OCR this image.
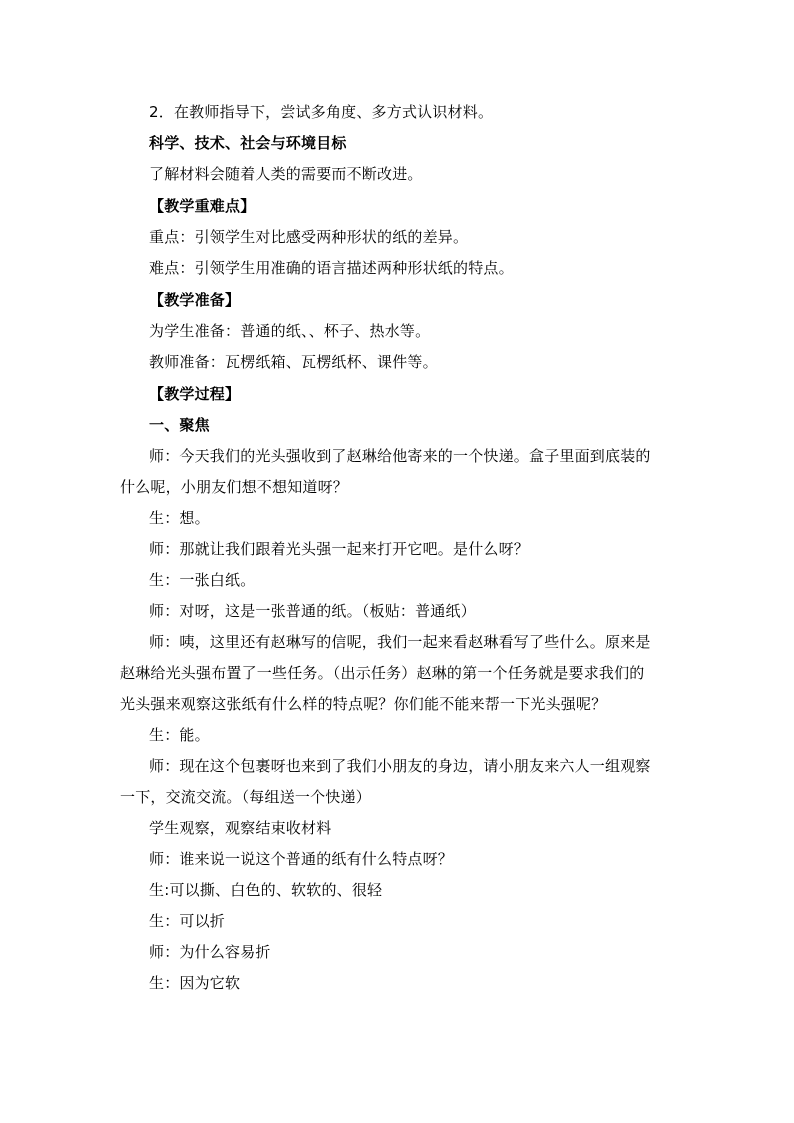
2．在教师指导下，尝试多角度、多方式认识材料。
科学、技术、社会与环境目标
了解材料会随着人类的需要而不断改进。
【教学重难点】
重点：引领学生对比感受两种形状的纸的差异。
难点：引领学生用准确的语言描述两种形状纸的特点。
【教学准备】
为学生准备：普通的纸、、杯子、热水等。
教师准备：瓦楞纸箱、瓦楞纸杯、课件等。
【教学过程】
一、聚焦
师：今天我们的光头强收到了赵琳给他寄来的一个快递。盒子里面到底装的
什么呢，小朋友们想不想知道呀？
生：想。
师：那就让我们跟着光头强一起来打开它吧。是什么呀？
生：一张白纸。
师：对呀，这是一张普通的纸。（板贴：普通纸）
师：咦，这里还有赵琳写的信呢，我们一起来看赵琳看写了些什么。原来是
赵琳给光头强布置了一些任务。（出示任务）赵琳的第一个任务就是要求我们的
光头强来观察这张纸有什么样的特点呢？你们能不能来帮一下光头强呢？
生：能。
师：现在这个包裹呀也来到了我们小朋友的身边，请小朋友来六人一组观察
一下，交流交流。（每组送一个快递）
学生观察，观察结束收材料
师：谁来说一说这个普通的纸有什么特点呀？
生:可以撕、白色的、软软的、很轻
生：可以折
师：为什么容易折
生：因为它软
